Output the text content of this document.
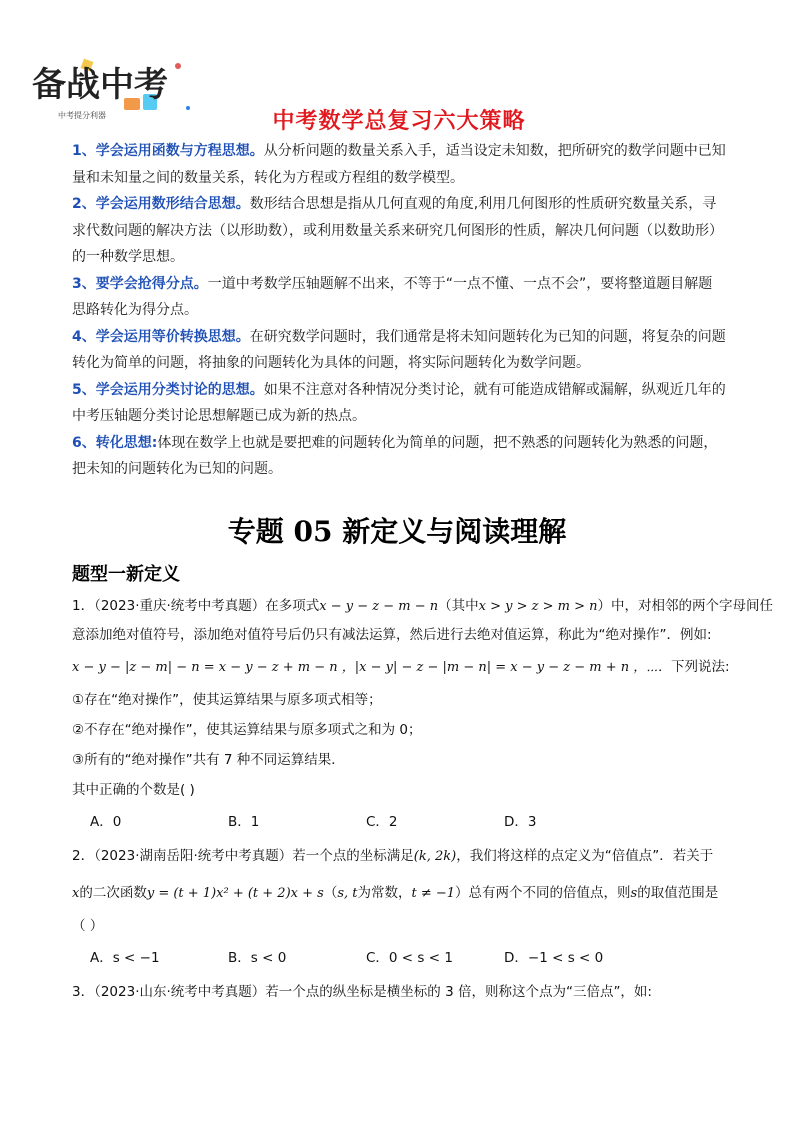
备战中考
中考提分利器	中考数学总复习六大策略

1、学会运用函数与方程思想。从分析问题的数量关系入手，适当设定未知数，把所研究的数学问题中已知
量和未知量之间的数量关系，转化为方程或方程组的数学模型。

2、学会运用数形结合思想。数形结合思想是指从几何直观的角度,利用几何图形的性质研究数量关系，寻
求代数问题的解决方法（以形助数），或利用数量关系来研究几何图形的性质，解决几何问题（以数助形）
的一种数学思想。

3、要学会抢得分点。一道中考数学压轴题解不出来，不等于“一点不懂、一点不会”，要将整道题目解题
思路转化为得分点。

4、学会运用等价转换思想。在研究数学问题时，我们通常是将未知问题转化为已知的问题，将复杂的问题
转化为简单的问题，将抽象的问题转化为具体的问题，将实际问题转化为数学问题。

5、学会运用分类讨论的思想。如果不注意对各种情况分类讨论，就有可能造成错解或漏解，纵观近几年的
中考压轴题分类讨论思想解题已成为新的热点。

6、转化思想:体现在数学上也就是要把难的问题转化为简单的问题，把不熟悉的问题转化为熟悉的问题，
把未知的问题转化为已知的问题。

专题 05 新定义与阅读理解
题型一新定义

1．（2023·重庆·统考中考真题）在多项式x − y − z − m − n（其中x > y > z > m > n）中，对相邻的两个字母间任

意添加绝对值符号，添加绝对值符号后仍只有减法运算，然后进行去绝对值运算，称此为“绝对操作”．例如:

x − y − |z − m| − n = x − y − z + m − n ，|x − y| − z − |m − n| = x − y − z − m + n ，⋯．下列说法:

①存在“绝对操作”，使其运算结果与原多项式相等；

②不存在“绝对操作”，使其运算结果与原多项式之和为 0；

③所有的“绝对操作”共有 7 种不同运算结果．

其中正确的个数是( )

A．0	B．1	C．2	D．3

2．（2023·湖南岳阳·统考中考真题）若一个点的坐标满足(k, 2k)，我们将这样的点定义为“倍值点”．若关于

x的二次函数y = (t + 1)x² + (t + 2)x + s（s, t为常数，t ≠ −1）总有两个不同的倍值点，则s的取值范围是

（ ）

A．s < −1	B．s < 0	C．0 < s < 1	D．−1 < s < 0

3．（2023·山东·统考中考真题）若一个点的纵坐标是横坐标的 3 倍，则称这个点为“三倍点”，如:
